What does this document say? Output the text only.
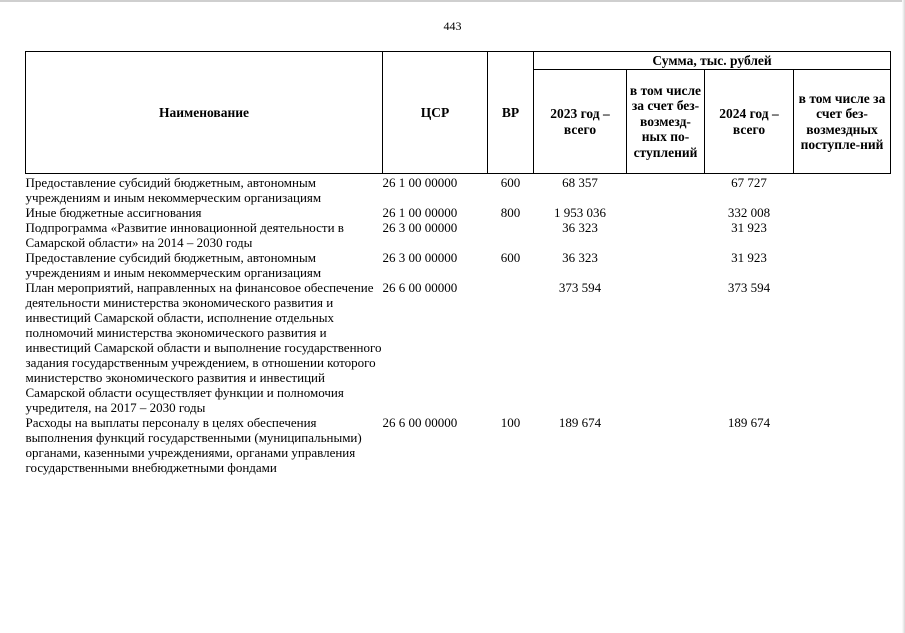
443
Наименование	ЦСР	ВР	Сумма, тыс. рублей			
			2023 год – всего	в том числе за счет без-возмезд-ных по-ступлений	2024 год – всего	в том числе за счет без-возмездных поступле-ний
Предоставление субсидий бюджетным, автономным учреждениям и иным некоммерческим организациям	26 1 00 00000	600	68 357		67 727	
Иные бюджетные ассигнования	26 1 00 00000	800	1 953 036		332 008	
Подпрограмма «Развитие инновационной деятельности в Самарской области» на 2014 – 2030 годы	26 3 00 00000		36 323		31 923	
Предоставление субсидий бюджетным, автономным учреждениям и иным некоммерческим организациям	26 3 00 00000	600	36 323		31 923	
План мероприятий, направленных на финансовое обеспечение деятельности министерства экономического развития и инвестиций Самарской области, исполнение отдельных полномочий министерства экономического развития и инвестиций Самарской области и выполнение государственного задания государственным учреждением, в отношении которого министерство экономического развития и инвестиций Самарской области осуществляет функции и полномочия учредителя, на 2017 – 2030 годы	26 6 00 00000		373 594		373 594	
Расходы на выплаты персоналу в целях обеспечения выполнения функций государственными (муниципальными) органами, казенными учреждениями, органами управления государственными внебюджетными фондами	26 6 00 00000	100	189 674		189 674	
